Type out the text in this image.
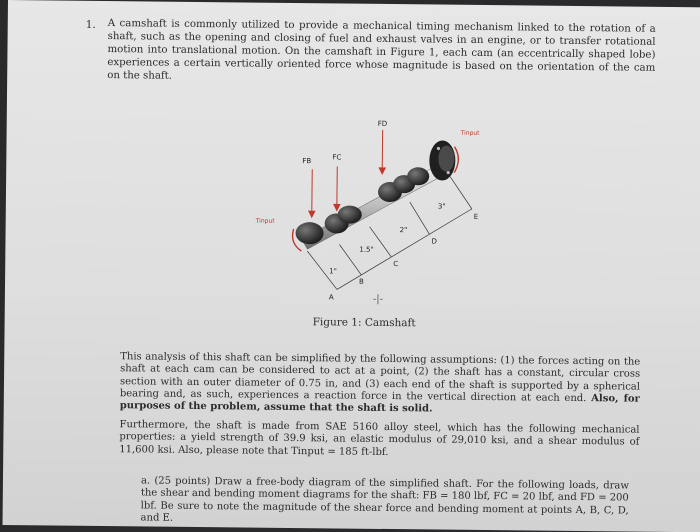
1. A camshaft is commonly utilized to provide a mechanical timing mechanism linked to the rotation of a shaft, such as the opening and closing of fuel and exhaust valves in an engine, or to transfer rotational motion into translational motion. On the camshaft in Figure 1, each cam (an eccentrically shaped lobe) experiences a certain vertically oriented force whose magnitude is based on the orientation of the cam on the shaft.
FB	FC
FD
Tinput
Tinput
A
B
C
D
E
1"
1.5"
2"
3"
-|-
Figure 1: Camshaft
This analysis of this shaft can be simplified by the following assumptions: (1) the forces acting on the shaft at each cam can be considered to act at a point, (2) the shaft has a constant, circular cross section with an outer diameter of 0.75 in, and (3) each end of the shaft is supported by a spherical bearing and, as such, experiences a reaction force in the vertical direction at each end. Also, for purposes of the problem, assume that the shaft is solid.
Furthermore, the shaft is made from SAE 5160 alloy steel, which has the following mechanical properties: a yield strength of 39.9 ksi, an elastic modulus of 29,010 ksi, and a shear modulus of 11,600 ksi. Also, please note that Tinput = 185 ft-lbf.
a. (25 points) Draw a free-body diagram of the simplified shaft. For the following loads, draw the shear and bending moment diagrams for the shaft: FB = 180 lbf, FC = 20 lbf, and FD = 200 lbf. Be sure to note the magnitude of the shear force and bending moment at points A, B, C, D, and E.
